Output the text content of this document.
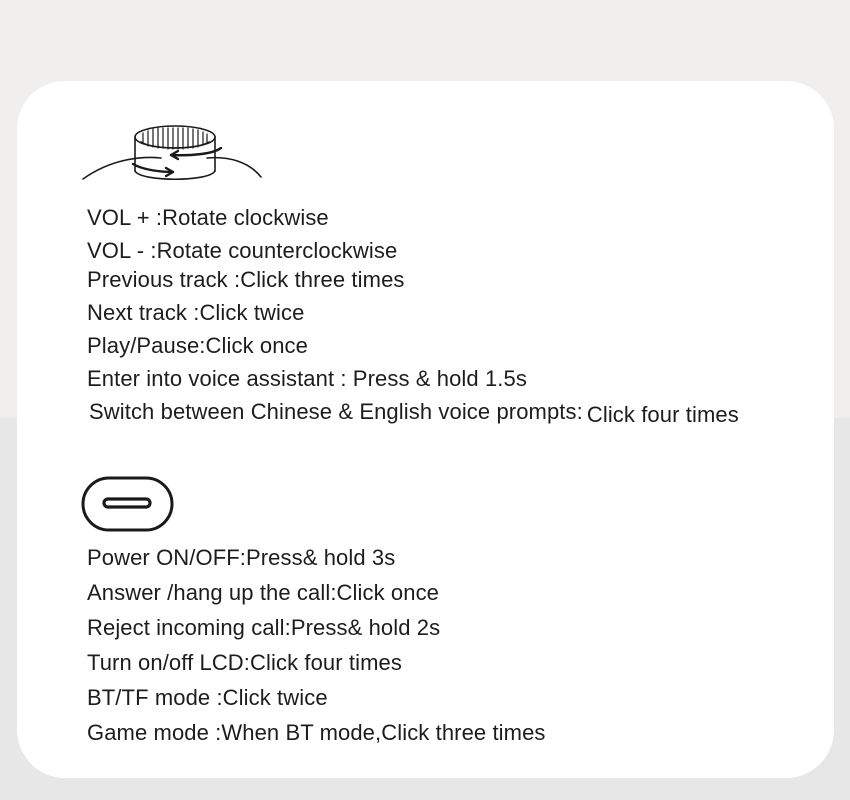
VOL + :Rotate clockwise

VOL - :Rotate counterclockwise

Previous track :Click three times

Next track :Click twice

Play/Pause:Click once

Enter into voice assistant : Press & hold 1.5s

Switch between Chinese & English voice prompts: Click four times

Power ON/OFF:Press& hold 3s

Answer /hang up the call:Click once

Reject incoming call:Press& hold 2s

Turn on/off LCD:Click four times

BT/TF mode :Click twice

Game mode :When BT mode,Click three times
